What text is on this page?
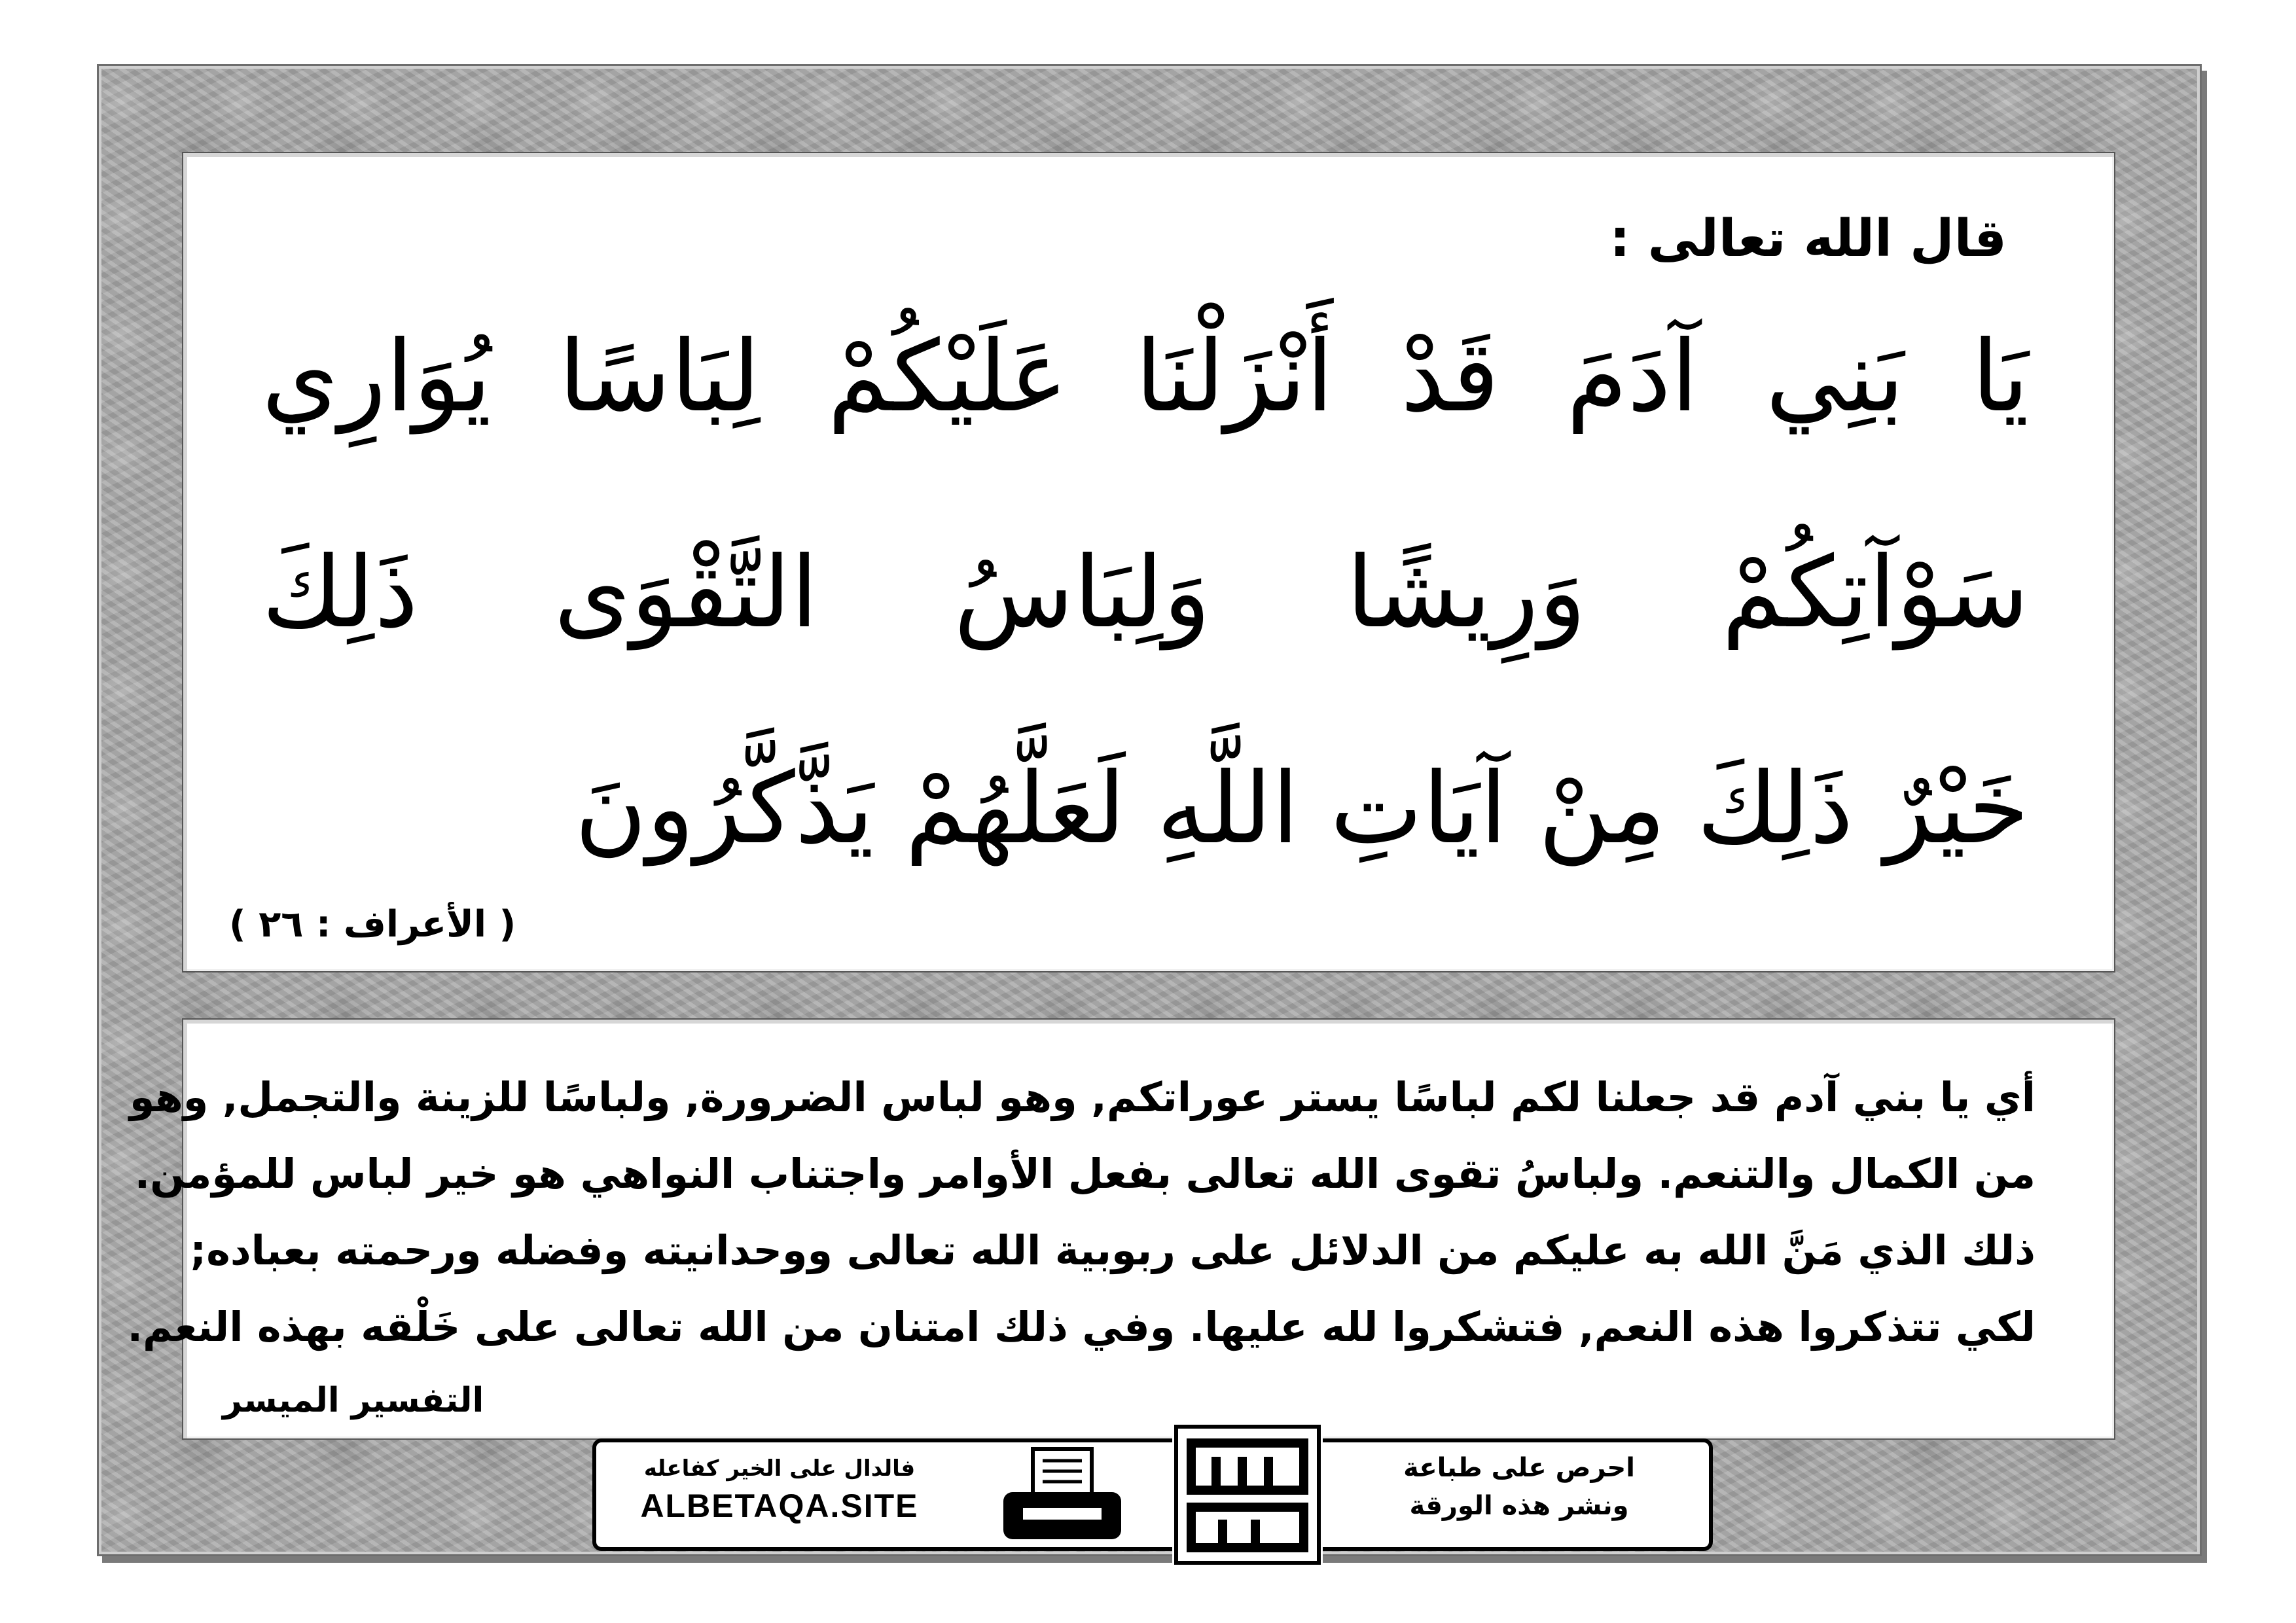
قال الله تعالى :
يَا بَنِي آدَمَ قَدْ أَنْزَلْنَا عَلَيْكُمْ لِبَاسًا يُوَارِي
سَوْآتِكُمْ وَرِيشًا وَلِبَاسُ التَّقْوَى ذَلِكَ
خَيْرٌ ذَلِكَ مِنْ آيَاتِ اللَّهِ لَعَلَّهُمْ يَذَّكَّرُونَ
( الأعراف : ٢٦ )
أي يا بني آدم قد جعلنا لكم لباسًا يستر عوراتكم, وهو لباس الضرورة, ولباسًا للزينة والتجمل, وهو
من الكمال والتنعم. ولباسُ تقوى الله تعالى بفعل الأوامر واجتناب النواهي هو خير لباس للمؤمن.
ذلك الذي مَنَّ الله به عليكم من الدلائل على ربوبية الله تعالى ووحدانيته وفضله ورحمته بعباده;
لكي تتذكروا هذه النعم, فتشكروا لله عليها. وفي ذلك امتنان من الله تعالى على خَلْقه بهذه النعم.
التفسير الميسر
فالدال على الخير كفاعله
ALBETAQA.SITE
احرص على طباعة
ونشر هذه الورقة
